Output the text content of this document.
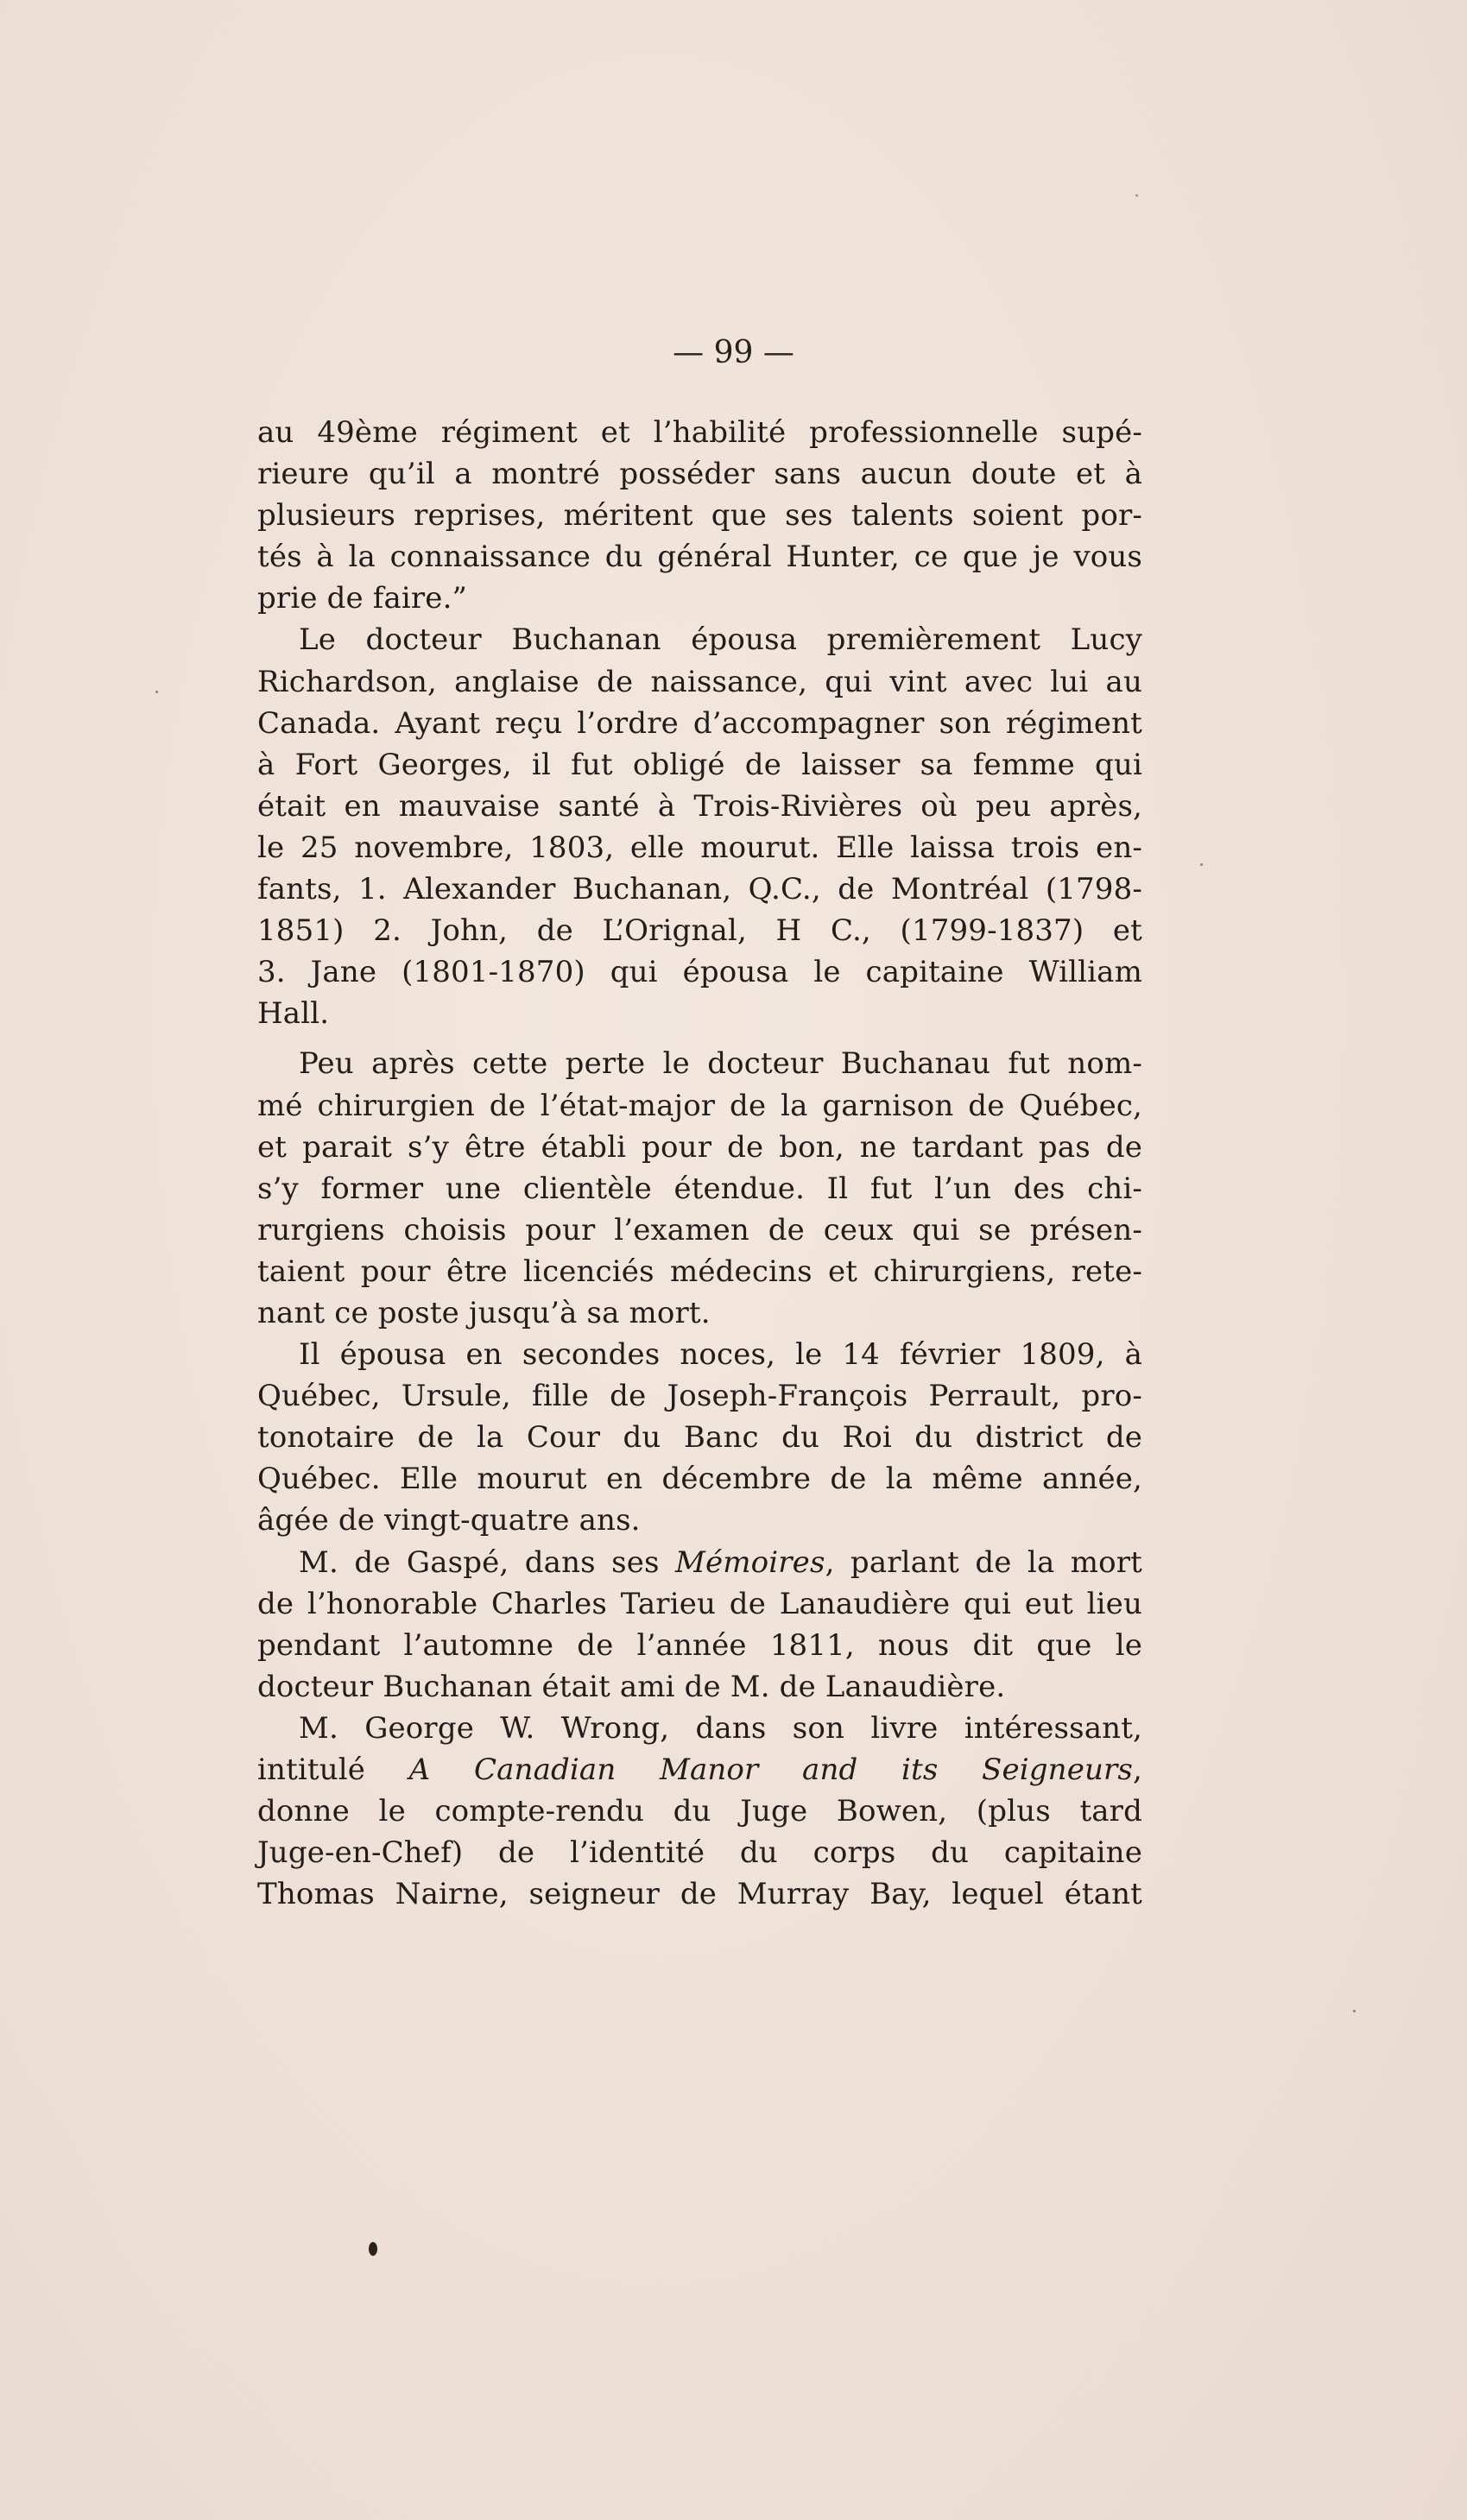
— 99 —

au 49ème régiment et l’habilité professionnelle supé-
rieure qu’il a montré posséder sans aucun doute et à
plusieurs reprises, méritent que ses talents soient por-
tés à la connaissance du général Hunter, ce que je vous
prie de faire.”

Le docteur Buchanan épousa premièrement Lucy
Richardson, anglaise de naissance, qui vint avec lui au
Canada. Ayant reçu l’ordre d’accompagner son régiment
à Fort Georges, il fut obligé de laisser sa femme qui
était en mauvaise santé à Trois-Rivières où peu après,
le 25 novembre, 1803, elle mourut. Elle laissa trois en-
fants, 1. Alexander Buchanan, Q.C., de Montréal (1798-
1851) 2. John, de L’Orignal, H C., (1799-1837) et
3. Jane (1801-1870) qui épousa le capitaine William
Hall.

Peu après cette perte le docteur Buchanau fut nom-
mé chirurgien de l’état-major de la garnison de Québec,
et parait s’y être établi pour de bon, ne tardant pas de
s’y former une clientèle étendue. Il fut l’un des chi-
rurgiens choisis pour l’examen de ceux qui se présen-
taient pour être licenciés médecins et chirurgiens, rete-
nant ce poste jusqu’à sa mort.

Il épousa en secondes noces, le 14 février 1809, à
Québec, Ursule, fille de Joseph-François Perrault, pro-
tonotaire de la Cour du Banc du Roi du district de
Québec. Elle mourut en décembre de la même année,
âgée de vingt-quatre ans.

M. de Gaspé, dans ses Mémoires, parlant de la mort
de l’honorable Charles Tarieu de Lanaudière qui eut lieu
pendant l’automne de l’année 1811, nous dit que le
docteur Buchanan était ami de M. de Lanaudière.

M. George W. Wrong, dans son livre intéressant,
intitulé A Canadian Manor and its Seigneurs,
donne le compte-rendu du Juge Bowen, (plus tard
Juge-en-Chef) de l’identité du corps du capitaine
Thomas Nairne, seigneur de Murray Bay, lequel étant
